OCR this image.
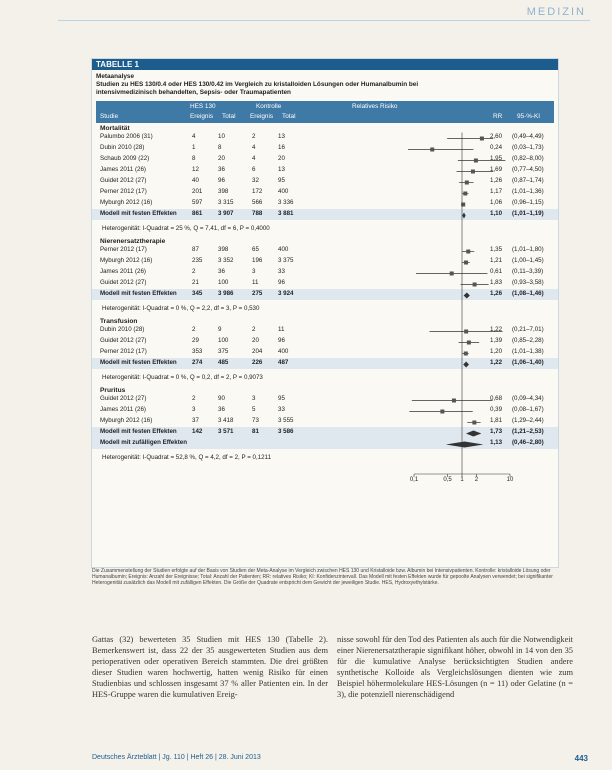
MEDIZIN
TABELLE 1
Metaanalyse
Studien zu HES 130/0.4 oder HES 130/0.42 im Vergleich zu kristalloiden Lösungen oder Humanalbumin bei
intensivmedizinisch behandelten, Sepsis- oder Traumapatienten
HES 130	Kontrolle	Relatives Risiko
Studie	Ereignis Total Ereignis Total	RR 95-%-KI
Mortalität
Palumbo 2006 (31)	4	10	2	13	2,60 (0,49–4,49)
Dubin 2010 (28)	1	8	4	16	0,24 (0,03–1,73)
Schaub 2009 (22)	8	20	4	20	1,95 (0,82–8,00)
James 2011 (26)	12	36	6	13	1,69 (0,77–4,50)
Guidet 2012 (27)	40	96	32	95	1,26 (0,87–1,74)
Perner 2012 (17)	201	398	172	400	1,17 (1,01–1,36)
Myburgh 2012 (16)	597	3 315	566	3 336	1,06 (0,96–1,15)
Modell mit festen Effekten 861	3 907	788	3 881	1,10 (1,01–1,19)
Heterogenität: I-Quadrat = 25 %, Q = 7,41, df = 6, P = 0,4000
Nierenersatztherapie
Perner 2012 (17)	87	398	65	400	1,35 (1,01–1,80)
Myburgh 2012 (16)	235	3 352	196	3 375	1,21 (1,00–1,45)
James 2011 (26)	2	36	3	33	0,61 (0,11–3,39)
Guidet 2012 (27)	21	100	11	96	1,83 (0,93–3,58)
Modell mit festen Effekten 345	3 986	275	3 924	1,26 (1,08–1,46)
Heterogenität: I-Quadrat = 0 %, Q = 2,2, df = 3, P = 0,530
Transfusion
Dubin 2010 (28)	2	9	2	11	1,22 (0,21–7,01)
Guidet 2012 (27)	29	100	20	96	1,39 (0,85–2,28)
Perner 2012 (17)	353	375	204	400	1,20 (1,01–1,38)
Modell mit festen Effekten 274	485	226	487	1,22 (1,06–1,40)
Heterogenität: I-Quadrat = 0 %, Q = 0,2, df = 2, P = 0,9073
Pruritus
Guidet 2012 (27)	2	90	3	95	0,68 (0,09–4,34)
James 2011 (26)	3	36	5	33	0,39 (0,08–1,67)
Myburgh 2012 (16)	37	3 418	73	3 555	1,81 (1,29–2,44)
Modell mit festen Effekten 142	3 571	81	3 586	1,73 (1,21–2,53)
Modell mit zufälligen Effekten	1,13 (0,46–2,80)
Heterogenität: I-Quadrat = 52,8 %, Q = 4,2, df = 2, P = 0,1211
0,1	0,5 1 2	10
Die Zusammenstellung der Studien erfolgte auf der Basis von Studien der Meta-Analyse im Vergleich zwischen HES 130 und Kristalloide bzw. Albumin bei Intensivpatienten. Kontrolle: kristalloide Lösung oder Humanalbumin; Ereignis: Anzahl der Ereignisse; Total: Anzahl der Patienten; RR: relatives Risiko; KI: Konfidenzintervall. Das Modell mit festen Effekten wurde für gepoolte Analysen verwendet; bei signifikanter Heterogenität zusätzlich das Modell mit zufälligen Effekten. Die Größe der Quadrate entspricht dem Gewicht der jeweiligen Studie. HES, Hydroxyethylstärke.
Gattas (32) bewerteten 35 Studien mit HES 130 (Tabelle 2). Bemerkenswert ist, dass 22 der 35 ausgewerteten Studien aus dem perioperativen oder operativen Bereich stammten. Die drei größten dieser Studien waren hochwertig, hatten wenig Risiko für einen Studienbias und schlossen insgesamt 37 % aller Patienten ein. In der HES-Gruppe waren die kumulativen Ereig-
nisse sowohl für den Tod des Patienten als auch für die Notwendigkeit einer Nierenersatztherapie signifikant höher, obwohl in 14 von den 35 für die kumulative Analyse berücksichtigten Studien andere synthetische Kolloide als Vergleichslösungen dienten wie zum Beispiel höhermolekulare HES-Lösungen (n = 11) oder Gelatine (n = 3), die potenziell nierenschädigend
Deutsches Ärzteblatt | Jg. 110 | Heft 26 | 28. Juni 2013	443
